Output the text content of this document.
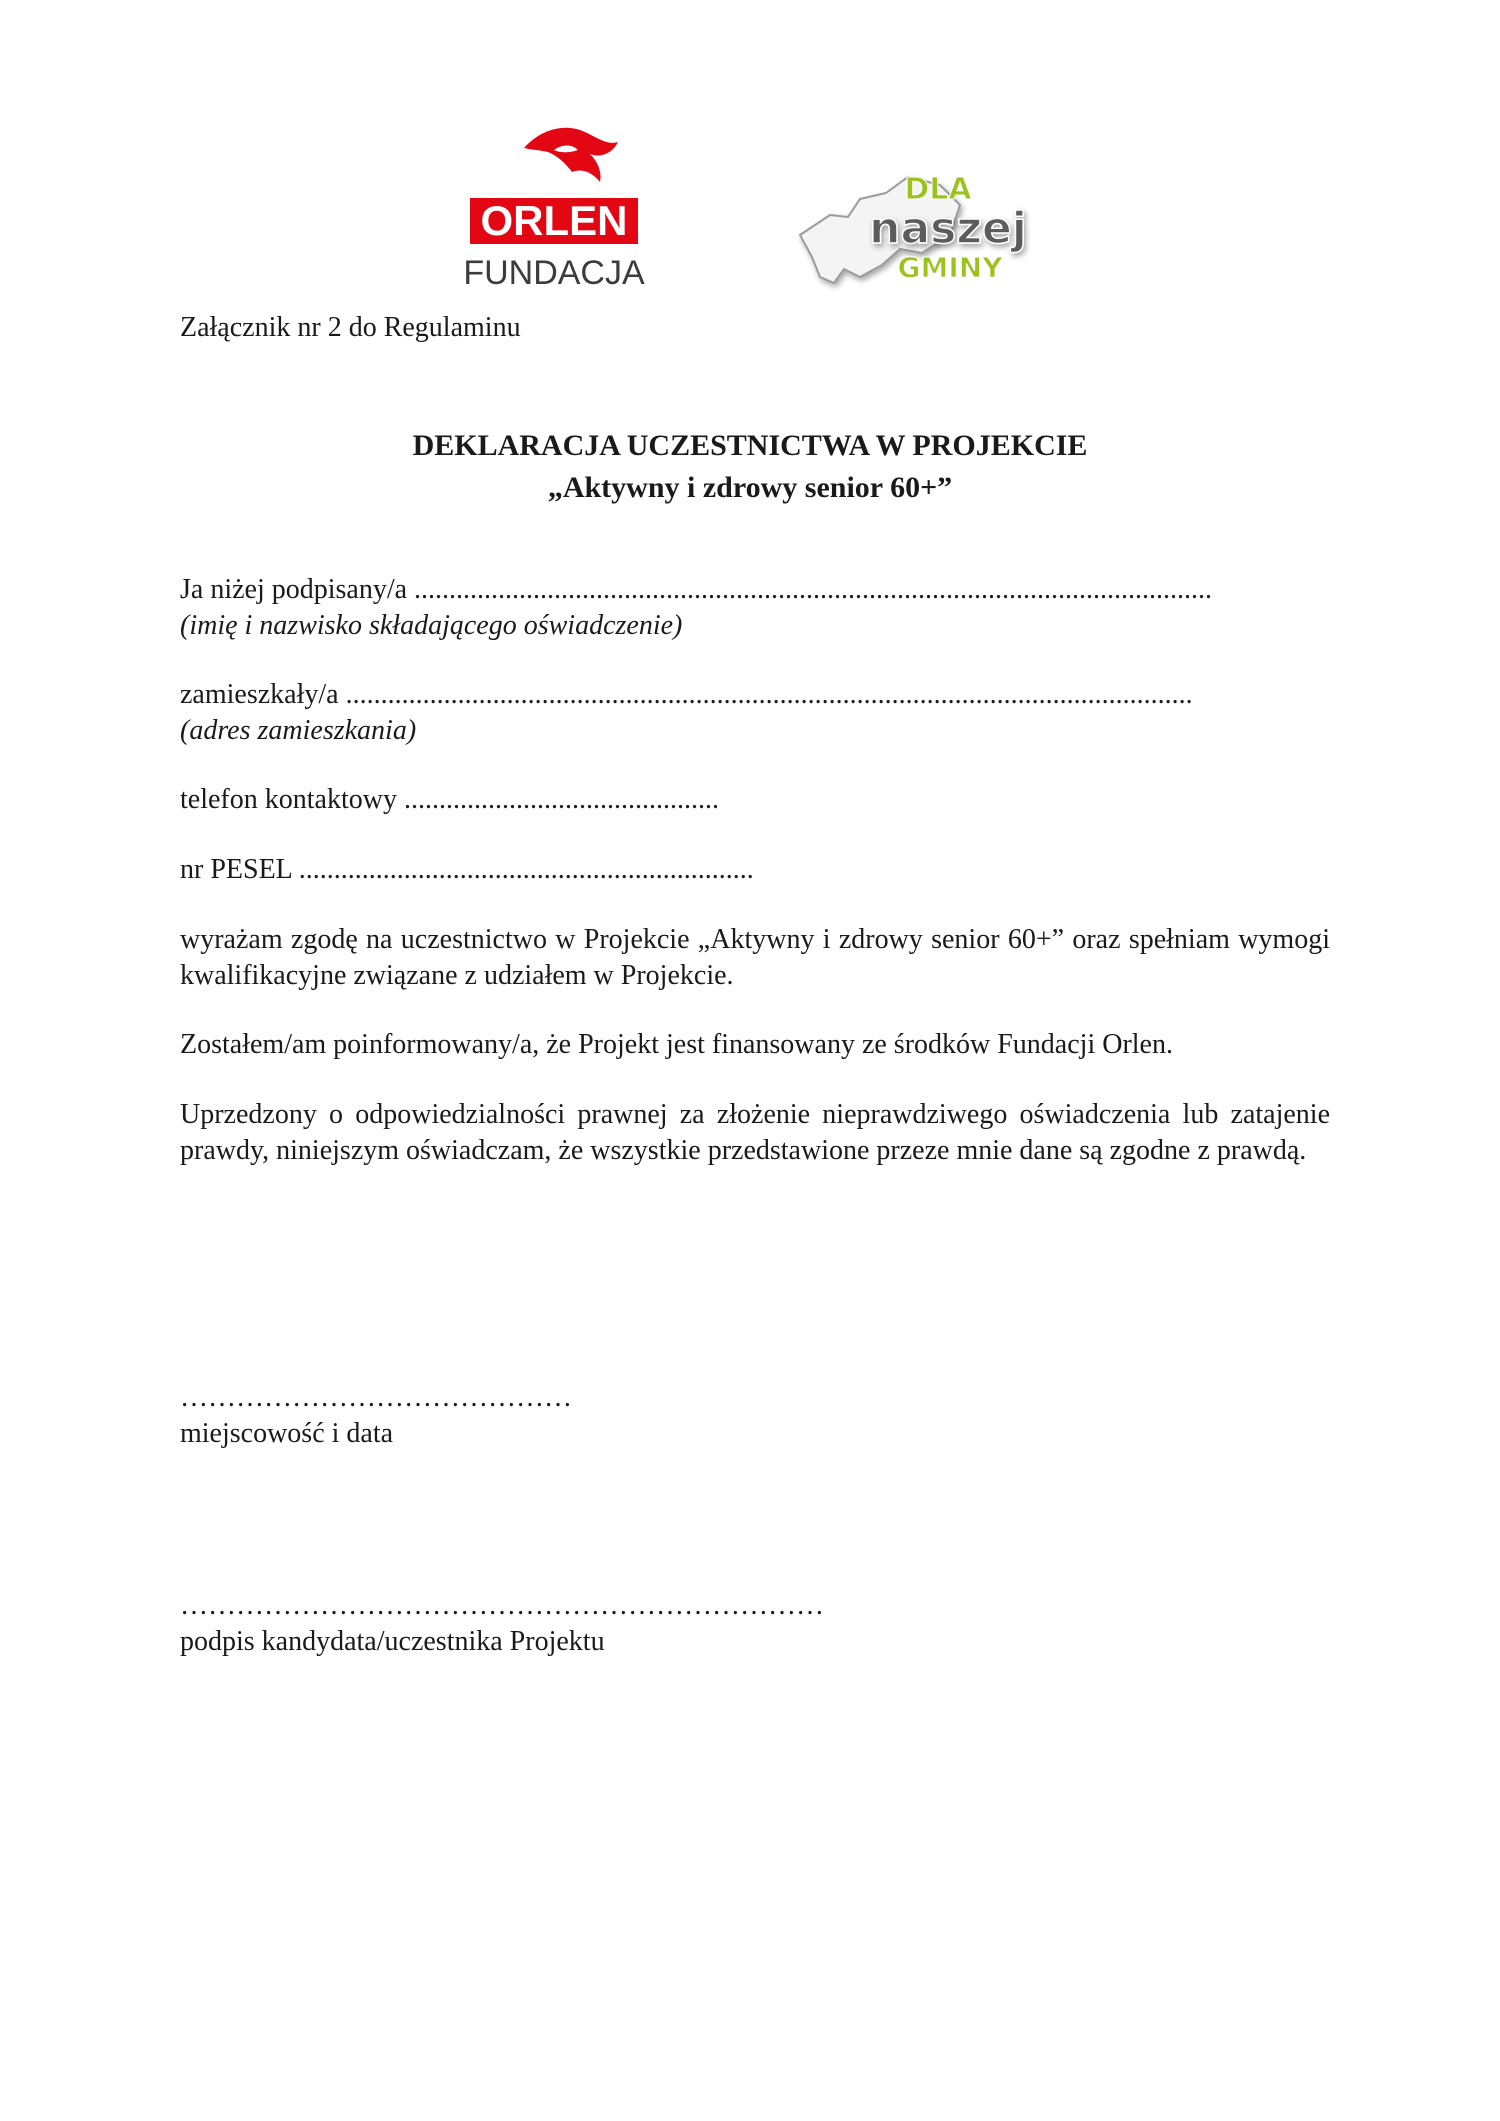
ORLEN
FUNDACJA
DLA
naszej
GMINY
Załącznik nr 2 do Regulaminu
DEKLARACJA UCZESTNICTWA W PROJEKCIE
„Aktywny i zdrowy senior 60+”
Ja niżej podpisany/a ..................................................................................................................
(imię i nazwisko składającego oświadczenie)
zamieszkały/a .........................................................................................................................
(adres zamieszkania)
telefon kontaktowy .............................................
nr PESEL .................................................................
wyrażam zgodę na uczestnictwo w Projekcie „Aktywny i zdrowy senior 60+” oraz spełniam wymogi kwalifikacyjne związane z udziałem w Projekcie.
Zostałem/am poinformowany/a, że Projekt jest finansowany ze środków Fundacji Orlen.
Uprzedzony o odpowiedzialności prawnej za złożenie nieprawdziwego oświadczenia lub zatajenie prawdy, niniejszym oświadczam, że wszystkie przedstawione przeze mnie dane są zgodne z prawdą.
……………………………………
miejscowość i data
……………………………………………………………
podpis kandydata/uczestnika Projektu
